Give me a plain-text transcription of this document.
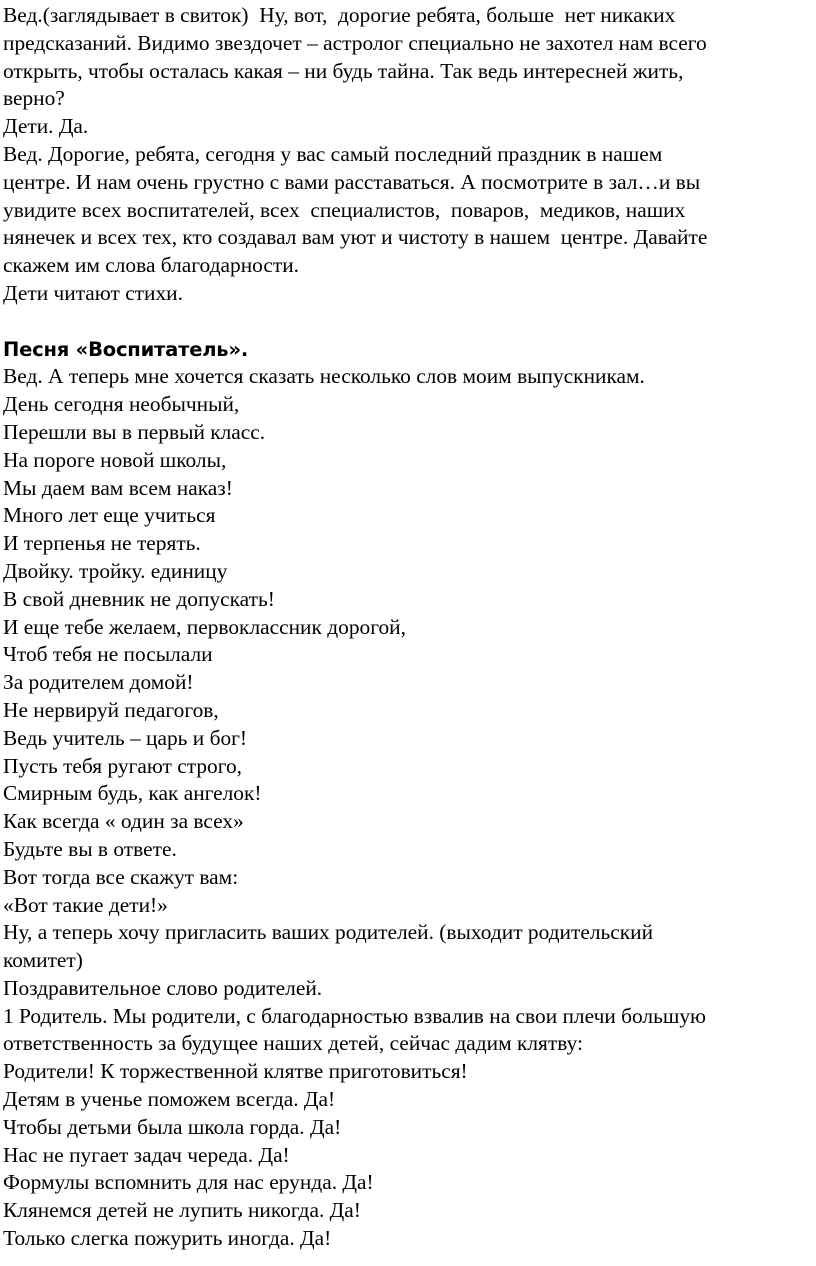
Вед.(заглядывает в свиток)  Ну, вот,  дорогие ребята, больше  нет никаких
предсказаний. Видимо звездочет – астролог специально не захотел нам всего
открыть, чтобы осталась какая – ни будь тайна. Так ведь интересней жить,
верно?
Дети. Да.
Вед. Дорогие, ребята, сегодня у вас самый последний праздник в нашем
центре. И нам очень грустно с вами расставаться. А посмотрите в зал…и вы
увидите всех воспитателей, всех  специалистов,  поваров,  медиков, наших
нянечек и всех тех, кто создавал вам уют и чистоту в нашем  центре. Давайте
скажем им слова благодарности.
Дети читают стихи.
Песня «Воспитатель».
Вед. А теперь мне хочется сказать несколько слов моим выпускникам.
День сегодня необычный,
Перешли вы в первый класс.
На пороге новой школы,
Мы даем вам всем наказ!
Много лет еще учиться
И терпенья не терять.
Двойку. тройку. единицу
В свой дневник не допускать!
И еще тебе желаем, первоклассник дорогой,
Чтоб тебя не посылали
За родителем домой!
Не нервируй педагогов,
Ведь учитель – царь и бог!
Пусть тебя ругают строго,
Смирным будь, как ангелок!
Как всегда « один за всех»
Будьте вы в ответе.
Вот тогда все скажут вам:
«Вот такие дети!»
Ну, а теперь хочу пригласить ваших родителей. (выходит родительский
комитет)
Поздравительное слово родителей.
1 Родитель. Мы родители, с благодарностью взвалив на свои плечи большую
ответственность за будущее наших детей, сейчас дадим клятву:
Родители! К торжественной клятве приготовиться!
Детям в ученье поможем всегда. Да!
Чтобы детьми была школа горда. Да!
Нас не пугает задач череда. Да!
Формулы вспомнить для нас ерунда. Да!
Клянемся детей не лупить никогда. Да!
Только слегка пожурить иногда. Да!
